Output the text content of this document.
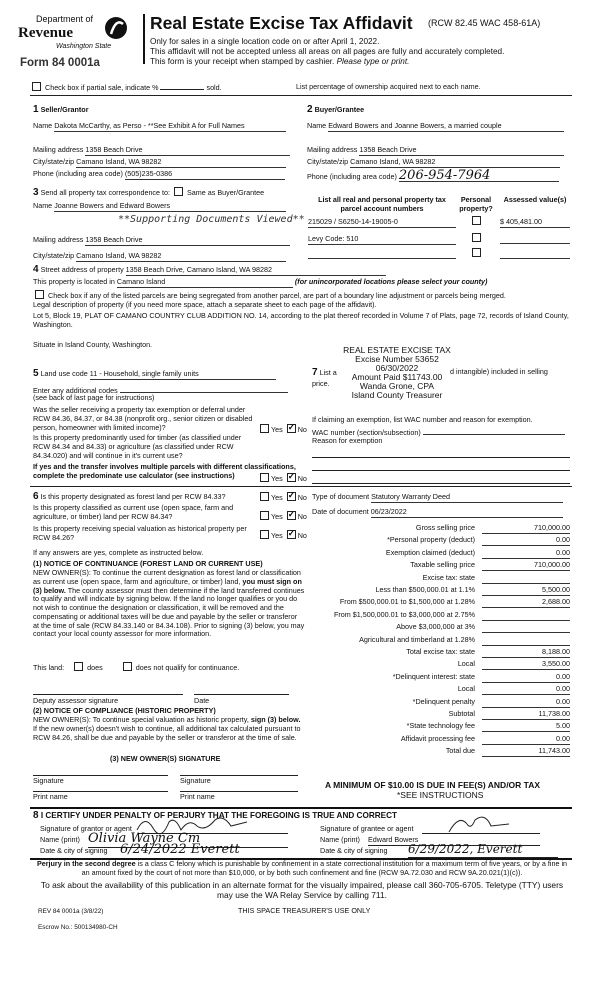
Department of
Revenue
Washington State
Form 84 0001a
Real Estate Excise Tax Affidavit (RCW 82.45 WAC 458-61A)
Only for sales in a single location code on or after April 1, 2022.
This affidavit will not be accepted unless all areas on all pages are fully and accurately completed.
This form is your receipt when stamped by cashier. Please type or print.
Check box if partial sale, indicate %	sold.	List percentage of ownership acquired next to each name.
1 Seller/Grantor
Name Dakota McCarthy, as Perso - **See Exhibit A for Full Names
Mailing address 1358 Beach Drive
City/state/zip Camano Island, WA 98282
Phone (including area code) (505)235-0386
2 Buyer/Grantee
Name Edward Bowers and Joanne Bowers, a married couple
Mailing address 1358 Beach Drive
City/state/zip Camano Island, WA 98282
Phone (including area code) 206-954-7964
3 Send all property tax correspondence to: Same as Buyer/Grantee
Name Joanne Bowers and Edward Bowers
**Supporting Documents Viewed**
Mailing address 1358 Beach Drive
City/state/zip Camano Island, WA 98282
List all real and personal property tax parcel account numbers
Personal property?
Assessed value(s)
215029 / S6250-14-19005-0	$ 405,481.00
Levy Code: 510
4 Street address of property 1358 Beach Drive, Camano Island, WA 98282
This property is located in Camano Island	(for unincorporated locations please select your county)
Check box if any of the listed parcels are being segregated from another parcel, are part of a boundary line adjustment or parcels being merged.
Legal description of property (if you need more space, attach a separate sheet to each page of the affidavit).
Lot 5, Block 19, PLAT OF CAMANO COUNTRY CLUB ADDITION NO. 14, according to the plat thereof recorded in Volume 7 of Plats, page 72, records of Island County, Washington.
Situate in Island County, Washington.
REAL ESTATE EXCISE TAX
Excise Number 53652
06/30/2022
Amount Paid $11743.00
Wanda Grone, CPA
Island County Treasurer
5 Land use code 11 - Household, single family units
Enter any additional codes
(see back of last page for instructions)
Was the seller receiving a property tax exemption or deferral under RCW 84.36, 84.37, or 84.38 (nonprofit org., senior citizen or disabled person, homeowner with limited income)?	Yes ✓ No
Is this property predominantly used for timber (as classified under RCW 84.34 and 84.33) or agriculture (as classified under RCW 84.34.020) and will continue in it's current use?
If yes and the transfer involves multiple parcels with different classifications, complete the predominate use calculator (see instructions)	Yes ✓ No
7 List a	d intangible) included in selling
price.
If claiming an exemption, list WAC number and reason for exemption.
WAC number (section/subsection)
Reason for exemption
6 Is this property designated as forest land per RCW 84.33?	Yes ✓ No
Is this property classified as current use (open space, farm and agriculture, or timber) land per RCW 84.34?	Yes ✓ No
Is this property receiving special valuation as historical property per RCW 84.26?	Yes ✓ No
If any answers are yes, complete as instructed below.
(1) NOTICE OF CONTINUANCE (FOREST LAND OR CURRENT USE)
NEW OWNER(S): To continue the current designation as forest land or classification as current use (open space, farm and agriculture, or timber) land, you must sign on (3) below. The county assessor must then determine if the land transferred continues to qualify and will indicate by signing below. If the land no longer qualifies or you do not wish to continue the designation or classification, it will be removed and the compensating or additional taxes will be due and payable by the seller or transferor at the time of sale (RCW 84.33.140 or 84.34.108). Prior to signing (3) below, you may contact your local county assessor for more information.
This land:	does	does not qualify for continuance.
Deputy assessor signature	Date
(2) NOTICE OF COMPLIANCE (HISTORIC PROPERTY)
NEW OWNER(S): To continue special valuation as historic property, sign (3) below. If the new owner(s) doesn't wish to continue, all additional tax calculated pursuant to RCW 84.26, shall be due and payable by the seller or transferor at the time of sale.
(3) NEW OWNER(S) SIGNATURE
Signature	Signature
Print name	Print name
Type of document Statutory Warranty Deed
Date of document 06/23/2022
Gross selling price	710,000.00
*Personal property (deduct)	0.00
Exemption claimed (deduct)	0.00
Taxable selling price	710,000.00
Excise tax: state
Less than $500,000.01 at 1.1%	5,500.00
From $500,000.01 to $1,500,000 at 1.28%	2,688.00
From $1,500,000.01 to $3,000,000 at 2.75%
Above $3,000,000 at 3%
Agricultural and timberland at 1.28%
Total excise tax: state	8,188.00
Local	3,550.00
*Delinquent interest: state	0.00
Local	0.00
*Delinquent penalty	0.00
Subtotal	11,738.00
*State technology fee	5.00
Affidavit processing fee	0.00
Total due	11,743.00
A MINIMUM OF $10.00 IS DUE IN FEE(S) AND/OR TAX
*SEE INSTRUCTIONS
8 I CERTIFY UNDER PENALTY OF PERJURY THAT THE FOREGOING IS TRUE AND CORRECT
Signature of grantor or agent
Name (print) Olivia Wayne Cm
Date & city of signing 6/24/2022 Everett
Signature of grantee or agent
Name (print) Edward Bowers
Date & city of signing 6/29/2022, Everett
Perjury in the second degree is a class C felony which is punishable by confinement in a state correctional institution for a maximum term of five years, or by a fine in an amount fixed by the court of not more than $10,000, or by both such confinement and fine (RCW 9A.72.030 and RCW 9A.20.021(1)(c)).
To ask about the availability of this publication in an alternate format for the visually impaired, please call 360-705-6705. Teletype (TTY) users may use the WA Relay Service by calling 711.
REV 84 0001a (3/8/22)	THIS SPACE TREASURER'S USE ONLY
Escrow No.: 500134980-CH
